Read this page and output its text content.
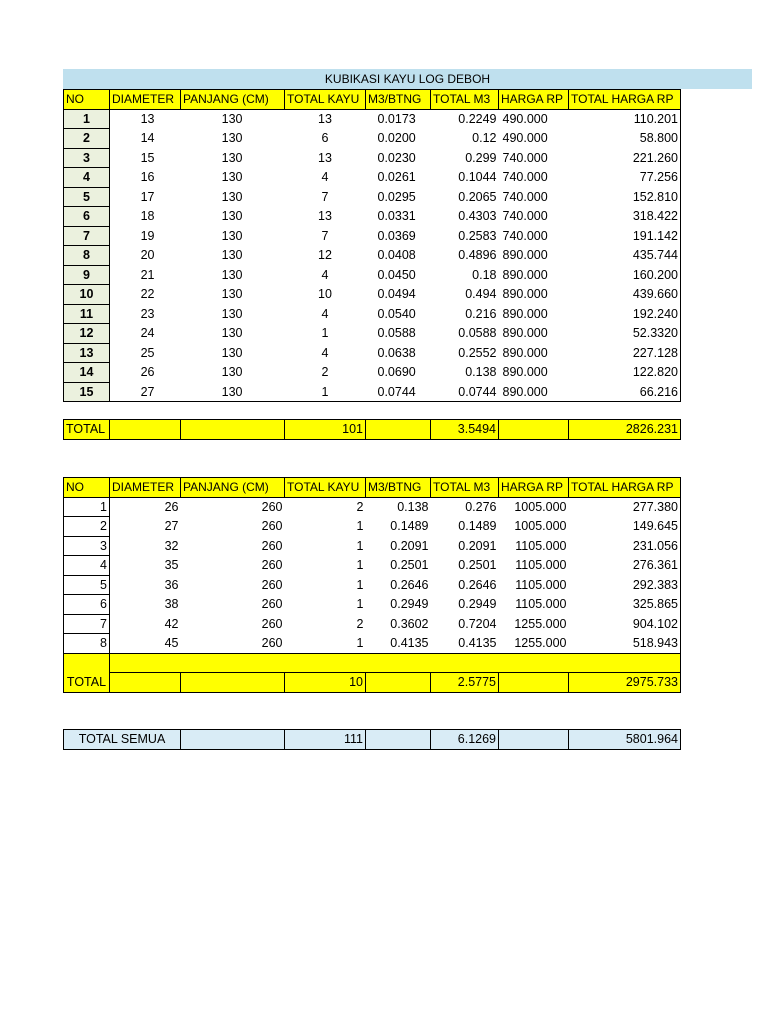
KUBIKASI KAYU LOG DEBOH
NO	DIAMETER	PANJANG (CM)	TOTAL KAYU	M3/BTNG	TOTAL M3	HARGA RP	TOTAL HARGA RP
1	13	130	13	0.0173	0.2249	490.000	110.201
2	14	130	6	0.0200	0.12	490.000	58.800
3	15	130	13	0.0230	0.299	740.000	221.260
4	16	130	4	0.0261	0.1044	740.000	77.256
5	17	130	7	0.0295	0.2065	740.000	152.810
6	18	130	13	0.0331	0.4303	740.000	318.422
7	19	130	7	0.0369	0.2583	740.000	191.142
8	20	130	12	0.0408	0.4896	890.000	435.744
9	21	130	4	0.0450	0.18	890.000	160.200
10	22	130	10	0.0494	0.494	890.000	439.660
11	23	130	4	0.0540	0.216	890.000	192.240
12	24	130	1	0.0588	0.0588	890.000	52.3320
13	25	130	4	0.0638	0.2552	890.000	227.128
14	26	130	2	0.0690	0.138	890.000	122.820
15	27	130	1	0.0744	0.0744	890.000	66.216

TOTAL			101		3.5494		2826.231
NO	DIAMETER	PANJANG (CM)	TOTAL KAYU	M3/BTNG	TOTAL M3	HARGA RP	TOTAL HARGA RP
1	26	260	2	0.138	0.276	1005.000	277.380
2	27	260	1	0.1489	0.1489	1005.000	149.645
3	32	260	1	0.2091	0.2091	1105.000	231.056
4	35	260	1	0.2501	0.2501	1105.000	276.361
5	36	260	1	0.2646	0.2646	1105.000	292.383
6	38	260	1	0.2949	0.2949	1105.000	325.865
7	42	260	2	0.3602	0.7204	1255.000	904.102
8	45	260	1	0.4135	0.4135	1255.000	518.943

TOTAL			10		2.5775		2975.733
TOTAL SEMUA		111		6.1269		5801.964
